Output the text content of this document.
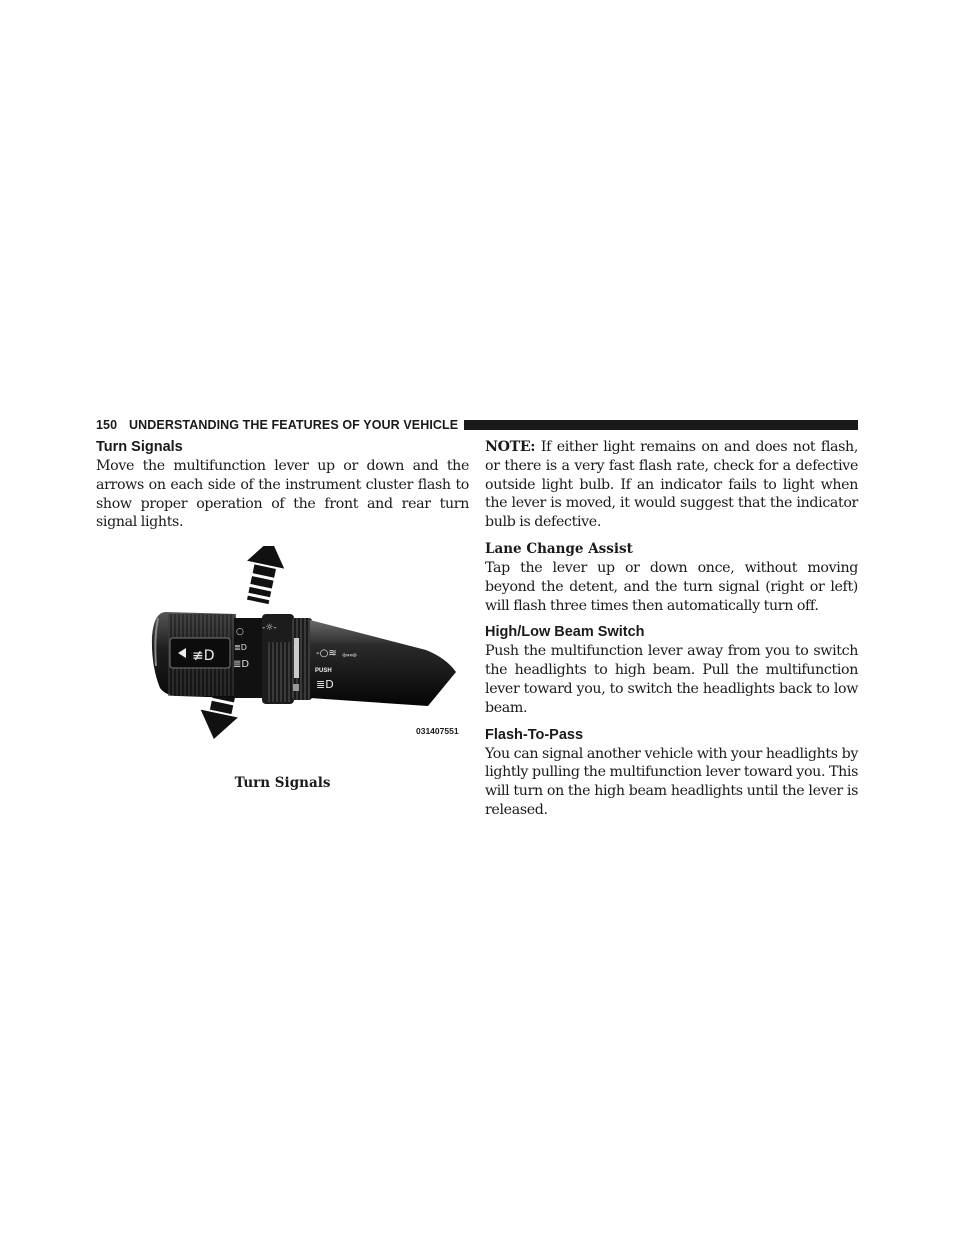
150 UNDERSTANDING THE FEATURES OF YOUR VEHICLE
Turn Signals

Move the multifunction lever up or down and the arrows on each side of the instrument cluster flash to show proper operation of the front and rear turn signal lights.

≢D
○
≣D
≣D
-☼-
-○≋ ⇦⇨
PUSH
≣D
031407551
Turn Signals

NOTE: If either light remains on and does not flash, or there is a very fast flash rate, check for a defective outside light bulb. If an indicator fails to light when the lever is moved, it would suggest that the indicator bulb is defective.

Lane Change Assist

Tap the lever up or down once, without moving beyond the detent, and the turn signal (right or left) will flash three times then automatically turn off.

High/Low Beam Switch

Push the multifunction lever away from you to switch the headlights to high beam. Pull the multifunction lever toward you, to switch the headlights back to low beam.

Flash-To-Pass

You can signal another vehicle with your headlights by lightly pulling the multifunction lever toward you. This will turn on the high beam headlights until the lever is released.
